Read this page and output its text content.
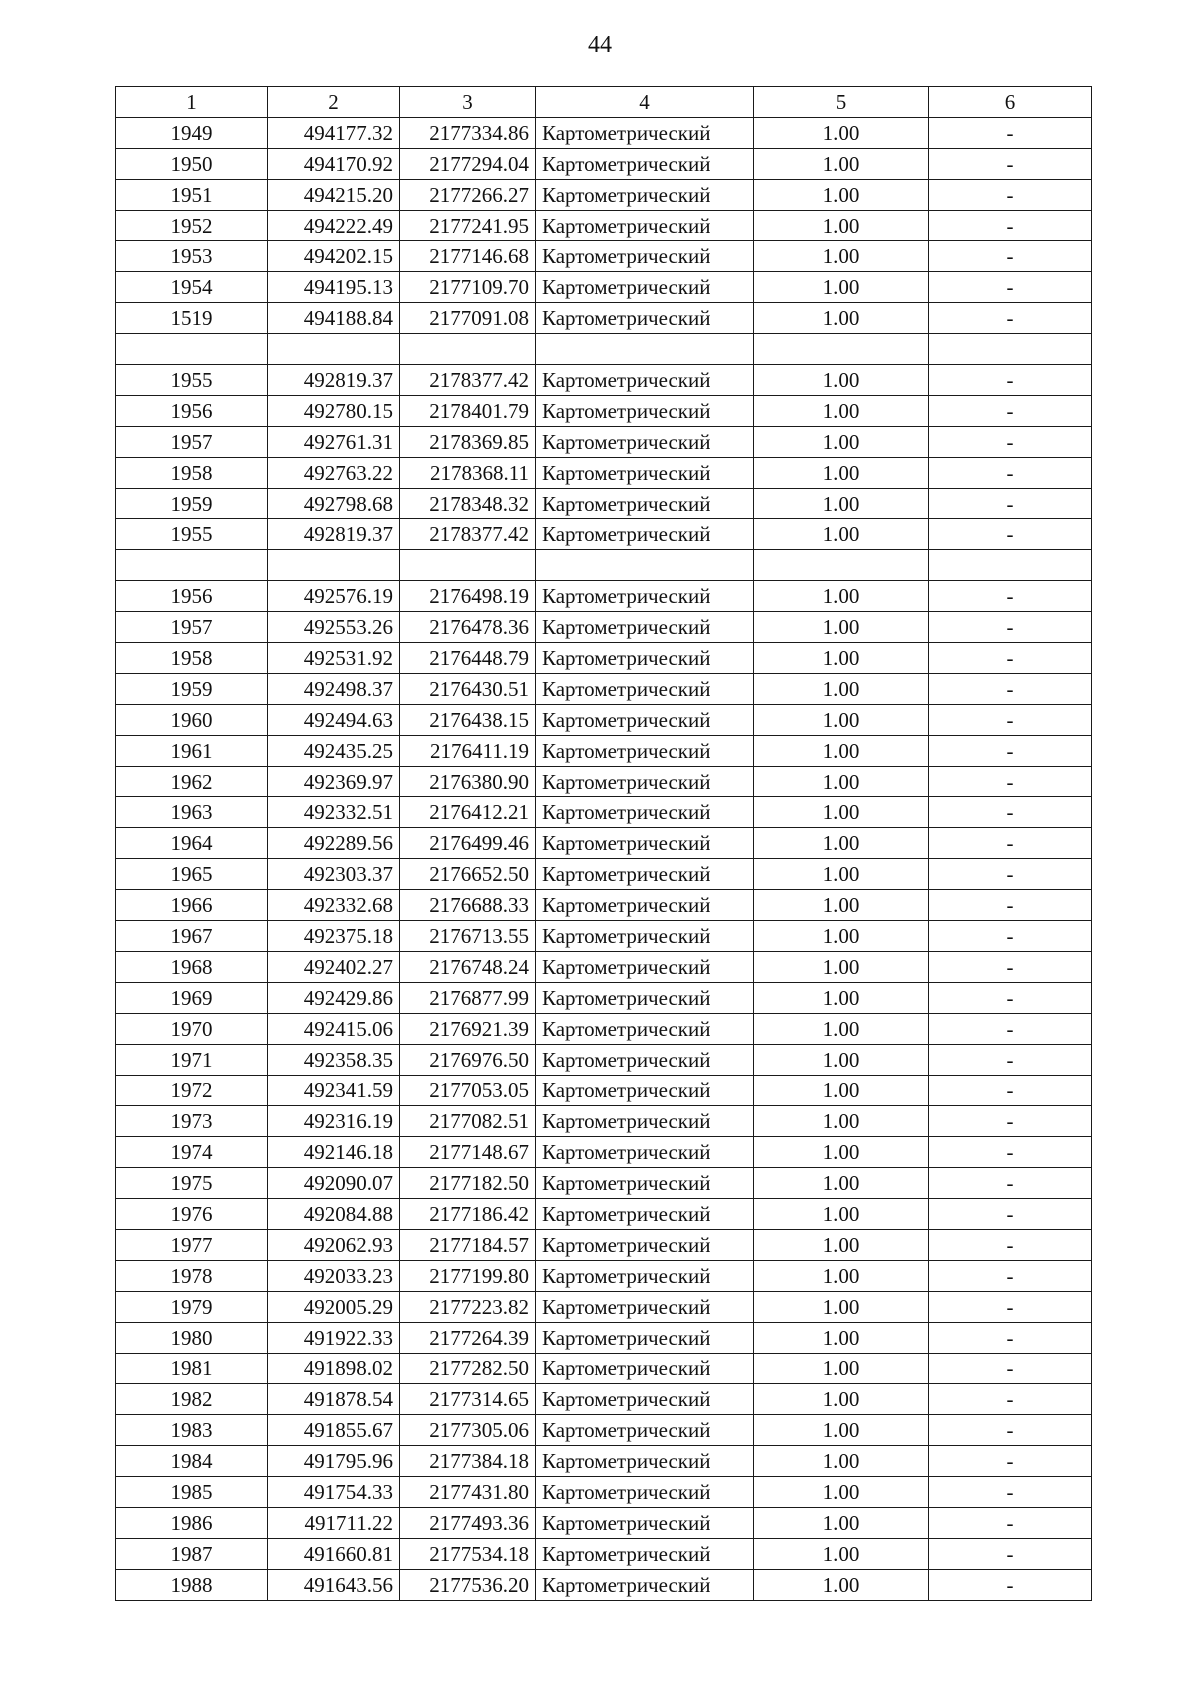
44
1	2	3	4	5	6
1949	494177.32	2177334.86	Картометрический	1.00	-
1950	494170.92	2177294.04	Картометрический	1.00	-
1951	494215.20	2177266.27	Картометрический	1.00	-
1952	494222.49	2177241.95	Картометрический	1.00	-
1953	494202.15	2177146.68	Картометрический	1.00	-
1954	494195.13	2177109.70	Картометрический	1.00	-
1519	494188.84	2177091.08	Картометрический	1.00	-

1955	492819.37	2178377.42	Картометрический	1.00	-
1956	492780.15	2178401.79	Картометрический	1.00	-
1957	492761.31	2178369.85	Картометрический	1.00	-
1958	492763.22	2178368.11	Картометрический	1.00	-
1959	492798.68	2178348.32	Картометрический	1.00	-
1955	492819.37	2178377.42	Картометрический	1.00	-

1956	492576.19	2176498.19	Картометрический	1.00	-
1957	492553.26	2176478.36	Картометрический	1.00	-
1958	492531.92	2176448.79	Картометрический	1.00	-
1959	492498.37	2176430.51	Картометрический	1.00	-
1960	492494.63	2176438.15	Картометрический	1.00	-
1961	492435.25	2176411.19	Картометрический	1.00	-
1962	492369.97	2176380.90	Картометрический	1.00	-
1963	492332.51	2176412.21	Картометрический	1.00	-
1964	492289.56	2176499.46	Картометрический	1.00	-
1965	492303.37	2176652.50	Картометрический	1.00	-
1966	492332.68	2176688.33	Картометрический	1.00	-
1967	492375.18	2176713.55	Картометрический	1.00	-
1968	492402.27	2176748.24	Картометрический	1.00	-
1969	492429.86	2176877.99	Картометрический	1.00	-
1970	492415.06	2176921.39	Картометрический	1.00	-
1971	492358.35	2176976.50	Картометрический	1.00	-
1972	492341.59	2177053.05	Картометрический	1.00	-
1973	492316.19	2177082.51	Картометрический	1.00	-
1974	492146.18	2177148.67	Картометрический	1.00	-
1975	492090.07	2177182.50	Картометрический	1.00	-
1976	492084.88	2177186.42	Картометрический	1.00	-
1977	492062.93	2177184.57	Картометрический	1.00	-
1978	492033.23	2177199.80	Картометрический	1.00	-
1979	492005.29	2177223.82	Картометрический	1.00	-
1980	491922.33	2177264.39	Картометрический	1.00	-
1981	491898.02	2177282.50	Картометрический	1.00	-
1982	491878.54	2177314.65	Картометрический	1.00	-
1983	491855.67	2177305.06	Картометрический	1.00	-
1984	491795.96	2177384.18	Картометрический	1.00	-
1985	491754.33	2177431.80	Картометрический	1.00	-
1986	491711.22	2177493.36	Картометрический	1.00	-
1987	491660.81	2177534.18	Картометрический	1.00	-
1988	491643.56	2177536.20	Картометрический	1.00	-
